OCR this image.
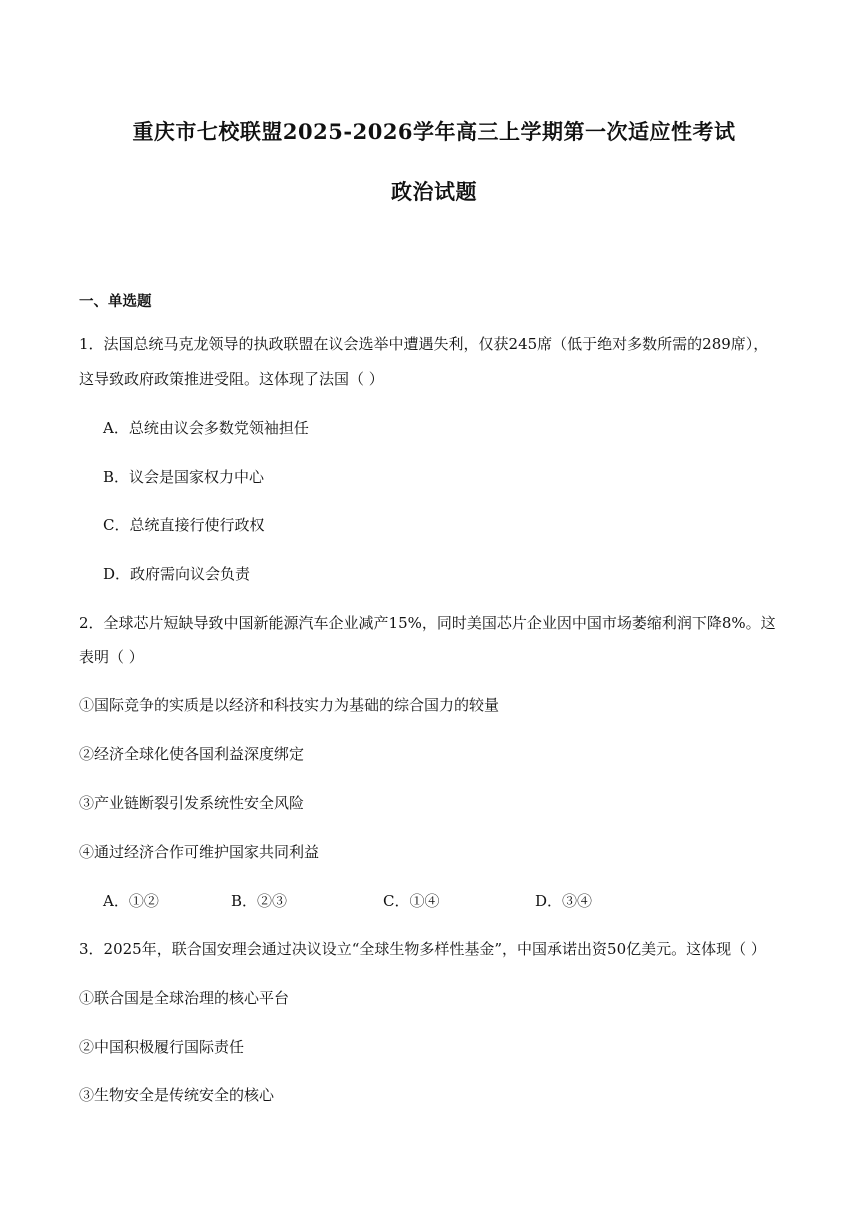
重庆市七校联盟2025-2026学年高三上学期第一次适应性考试
政治试题
一、单选题
1．法国总统马克龙领导的执政联盟在议会选举中遭遇失利，仅获245席（低于绝对多数所需的289席），
这导致政府政策推进受阻。这体现了法国（ ）
A．总统由议会多数党领袖担任
B．议会是国家权力中心
C．总统直接行使行政权
D．政府需向议会负责
2．全球芯片短缺导致中国新能源汽车企业减产15%，同时美国芯片企业因中国市场萎缩利润下降8%。这
表明（ ）
①国际竞争的实质是以经济和科技实力为基础的综合国力的较量
②经济全球化使各国利益深度绑定
③产业链断裂引发系统性安全风险
④通过经济合作可维护国家共同利益
A．①②	B．②③	C．①④	D．③④
3．2025年，联合国安理会通过决议设立“全球生物多样性基金”，中国承诺出资50亿美元。这体现（ ）
①联合国是全球治理的核心平台
②中国积极履行国际责任
③生物安全是传统安全的核心
